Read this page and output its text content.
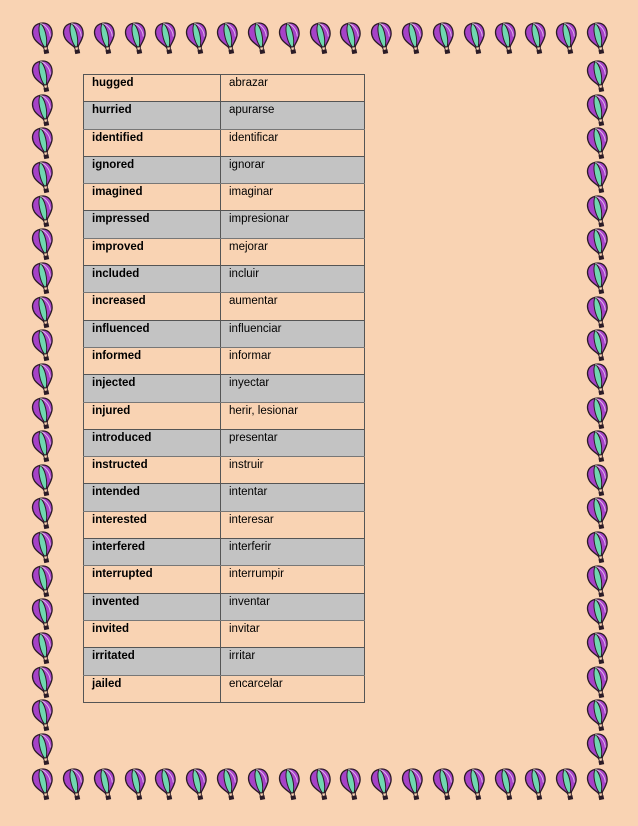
hugged	abrazar
hurried	apurarse
identified	identificar
ignored	ignorar
imagined	imaginar
impressed	impresionar
improved	mejorar
included	incluir
increased	aumentar
influenced	influenciar
informed	informar
injected	inyectar
injured	herir, lesionar
introduced	presentar
instructed	instruir
intended	intentar
interested	interesar
interfered	interferir
interrupted	interrumpir
invented	inventar
invited	invitar
irritated	irritar
jailed	encarcelar
